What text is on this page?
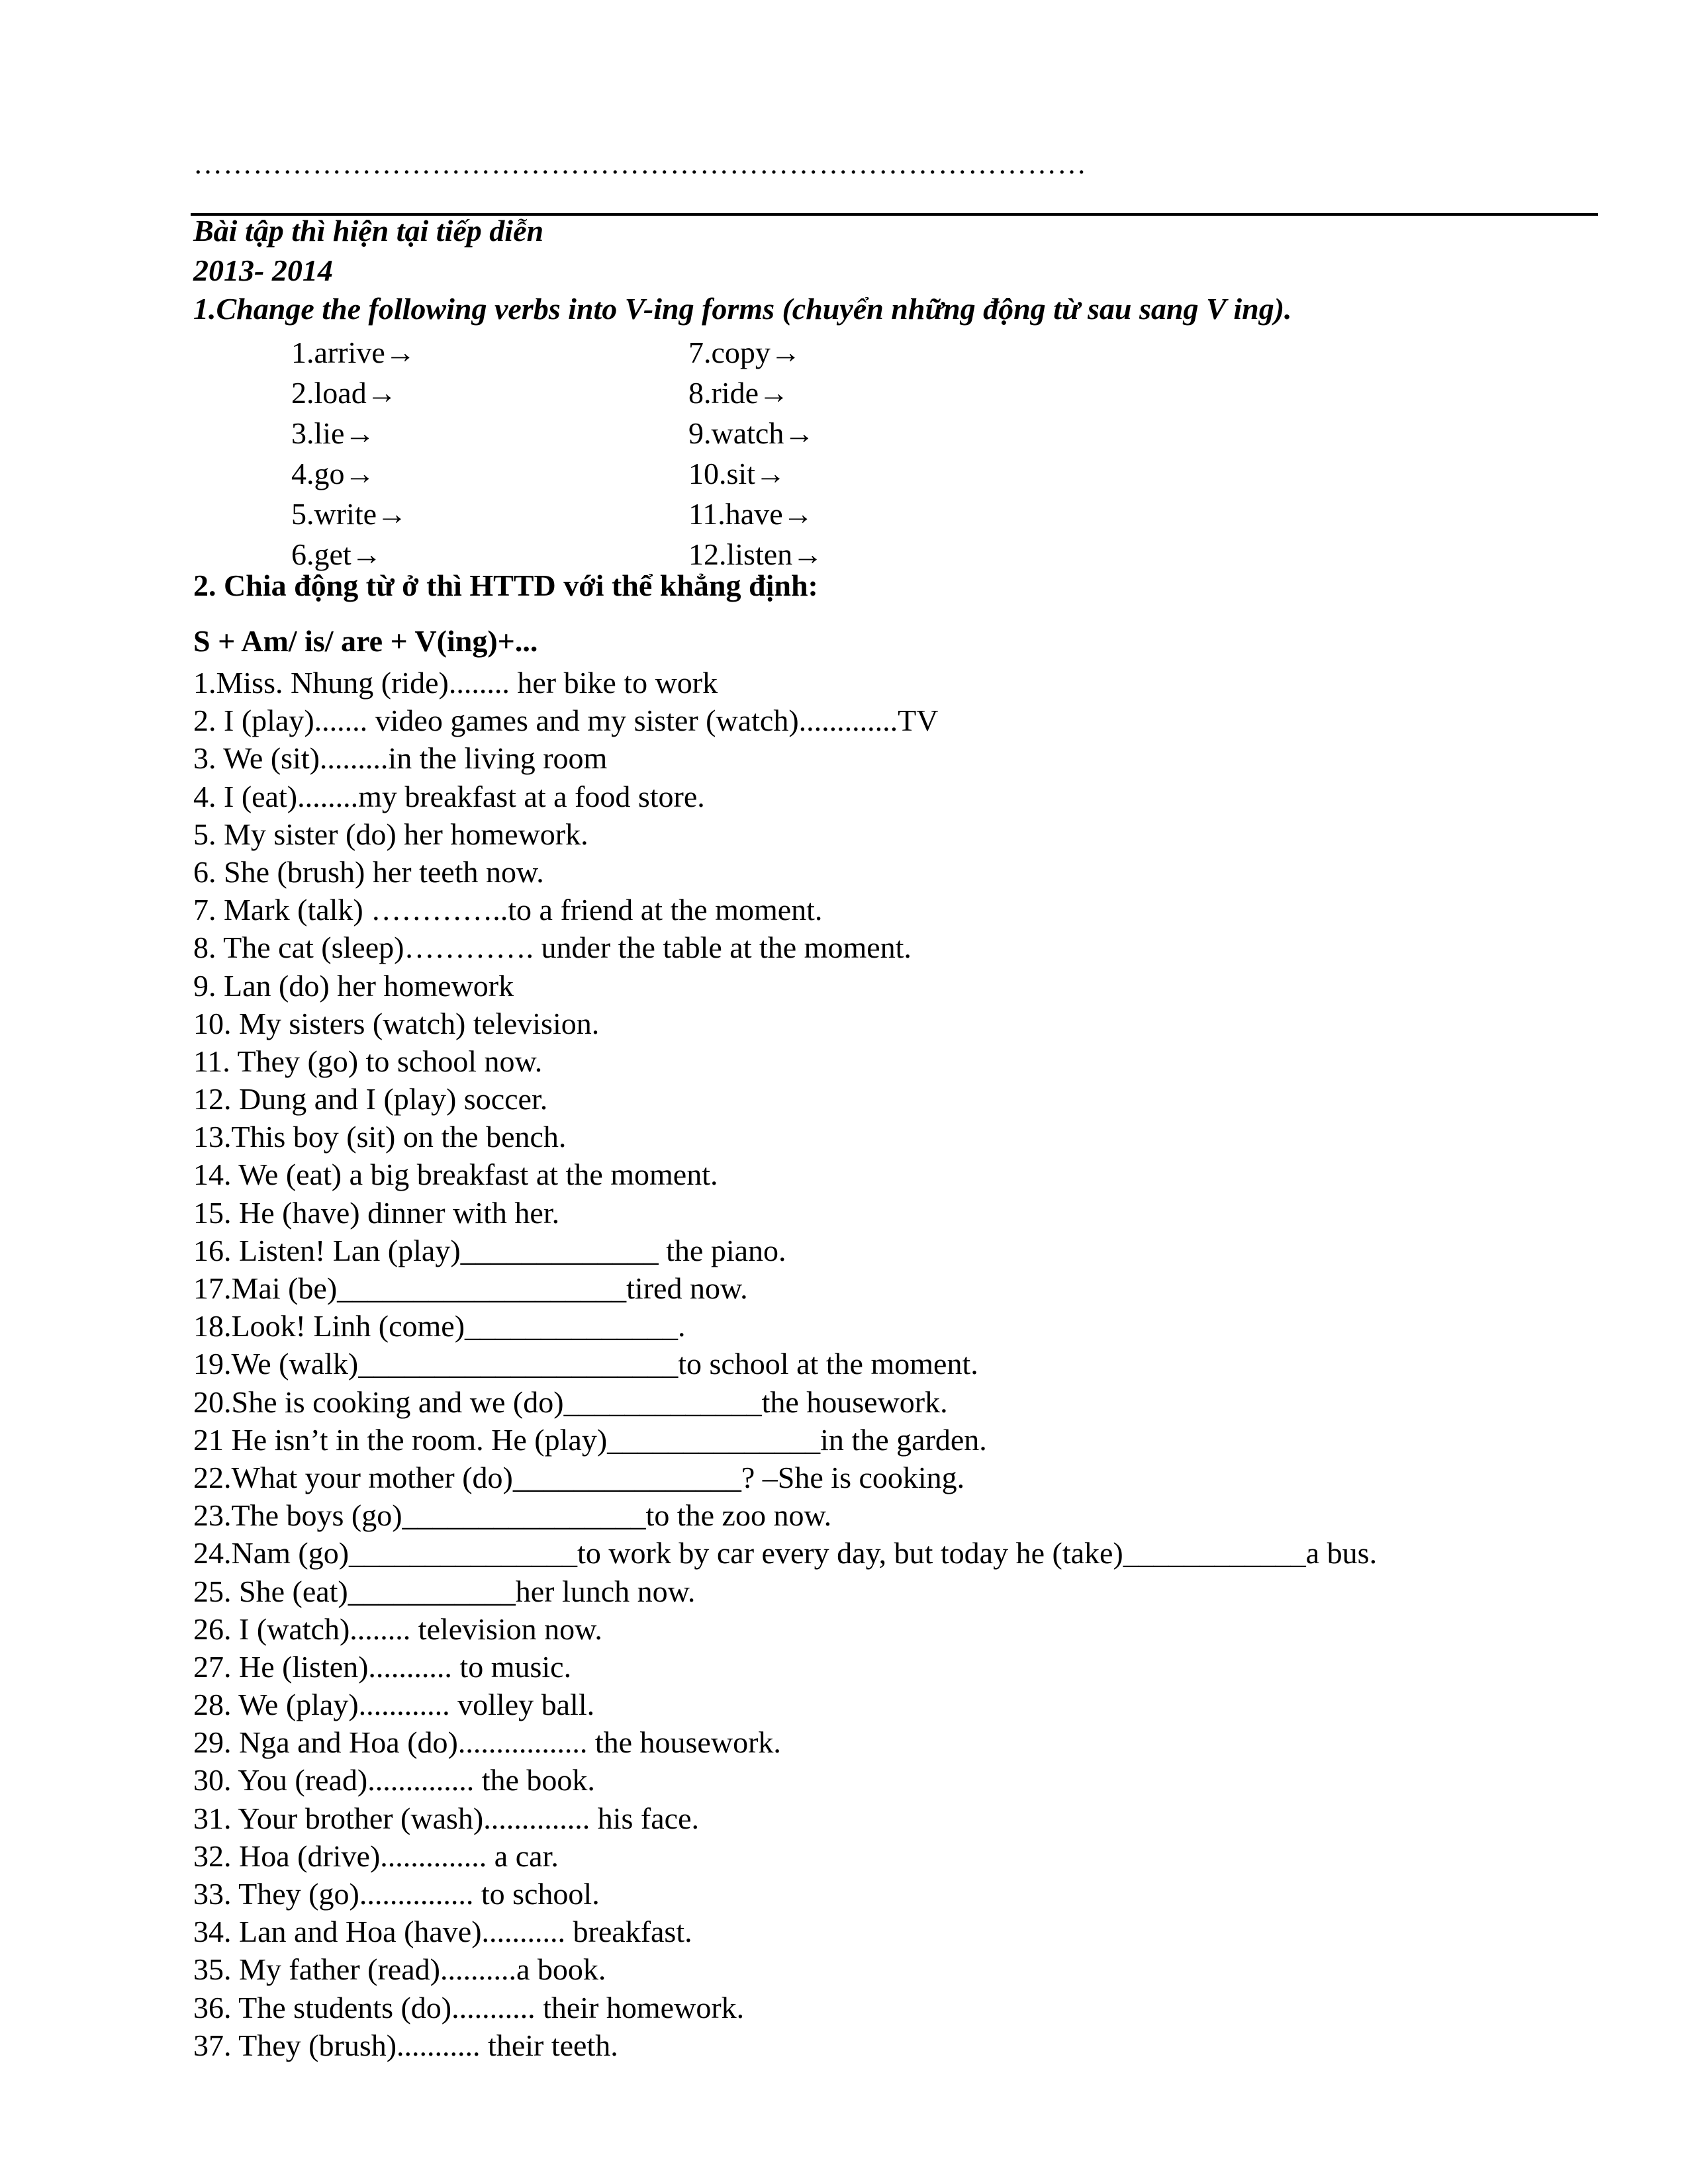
………………………………………………………………………………
Bài tập thì hiện tại tiếp diễn
2013- 2014
1.Change the following verbs into V-ing forms (chuyển những động từ sau sang V ing).
1.arrive→	7.copy→
2.load→	8.ride→
3.lie→	9.watch→
4.go→	10.sit→
5.write→	11.have→
6.get→	12.listen→
2. Chia động từ ở thì HTTD với thể khẳng định:
S + Am/ is/ are + V(ing)+...
1.Miss. Nhung (ride)........ her bike to work
2. I (play)....... video games and my sister (watch).............TV
3. We (sit).........in the living room
4. I (eat)........my breakfast at a food store.
5. My sister (do) her homework.
6. She (brush) her teeth now.
7. Mark (talk) …………..to a friend at the moment.
8. The cat (sleep)…………. under the table at the moment.
9. Lan (do) her homework
10. My sisters (watch) television.
11. They (go) to school now.
12. Dung and I (play) soccer.
13.This boy (sit) on the bench.
14. We (eat) a big breakfast at the moment.
15. He (have) dinner with her.
16. Listen! Lan (play)_____________ the piano.
17.Mai (be)___________________tired now.
18.Look! Linh (come)______________.
19.We (walk)_____________________to school at the moment.
20.She is cooking and we (do)_____________the housework.
21 He isn’t in the room. He (play)______________in the garden.
22.What your mother (do)_______________? –She is cooking.
23.The boys (go)________________to the zoo now.
24.Nam (go)_______________to work by car every day, but today he (take)____________a bus.
25. She (eat)___________her lunch now.
26. I (watch)........ television now.
27. He (listen)........... to music.
28. We (play)............ volley ball.
29. Nga and Hoa (do)................. the housework.
30. You (read).............. the book.
31. Your brother (wash).............. his face.
32. Hoa (drive).............. a car.
33. They (go)............... to school.
34. Lan and Hoa (have)........... breakfast.
35. My father (read)..........a book.
36. The students (do)........... their homework.
37. They (brush)........... their teeth.
